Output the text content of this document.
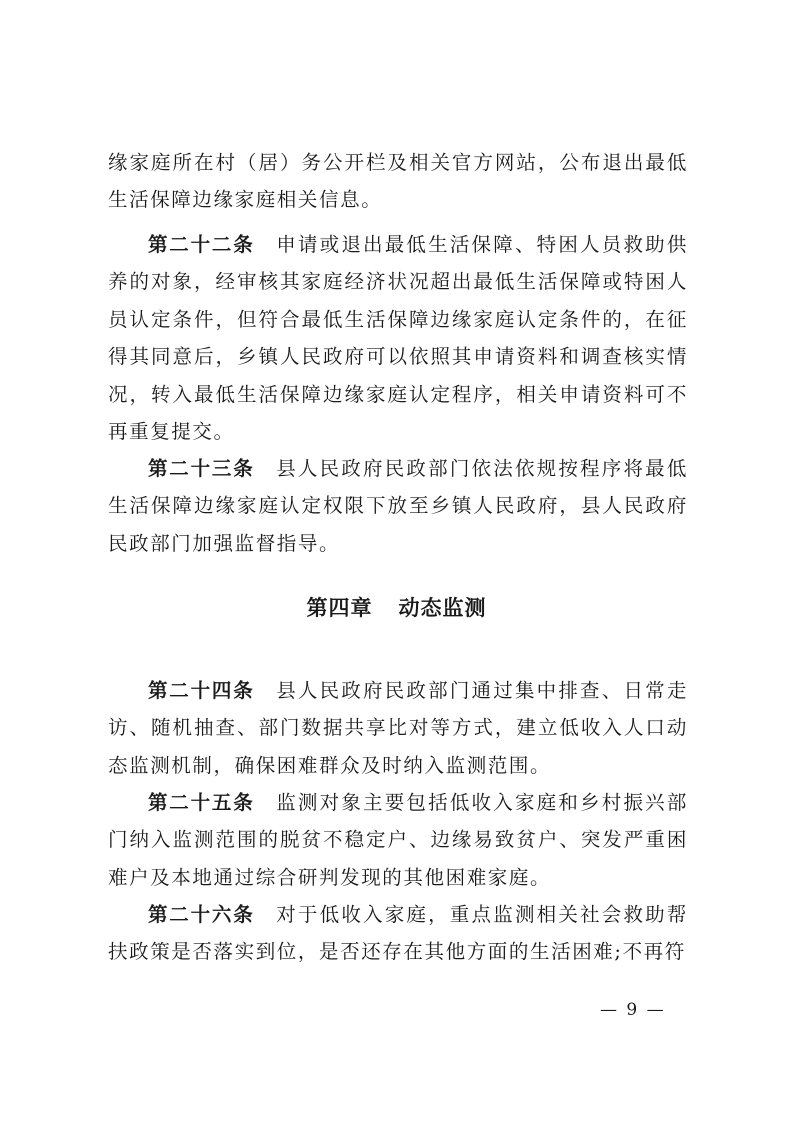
缘家庭所在村（居）务公开栏及相关官方网站，公布退出最低生活保障边缘家庭相关信息。

第二十二条　 申请或退出最低生活保障、特困人员救助供养的对象，经审核其家庭经济状况超出最低生活保障或特困人员认定条件，但符合最低生活保障边缘家庭认定条件的，在征得其同意后，乡镇人民政府可以依照其申请资料和调查核实情况，转入最低生活保障边缘家庭认定程序，相关申请资料可不再重复提交。

第二十三条　 县人民政府民政部门依法依规按程序将最低生活保障边缘家庭认定权限下放至乡镇人民政府，县人民政府民政部门加强监督指导。

第四章 动态监测

第二十四条　 县人民政府民政部门通过集中排查、日常走访、随机抽查、部门数据共享比对等方式，建立低收入人口动态监测机制，确保困难群众及时纳入监测范围。

第二十五条　 监测对象主要包括低收入家庭和乡村振兴部门纳入监测范围的脱贫不稳定户、边缘易致贫户、突发严重困难户及本地通过综合研判发现的其他困难家庭。

第二十六条　 对于低收入家庭，重点监测相关社会救助帮扶政策是否落实到位，是否还存在其他方面的生活困难;不再符

— 9 —
